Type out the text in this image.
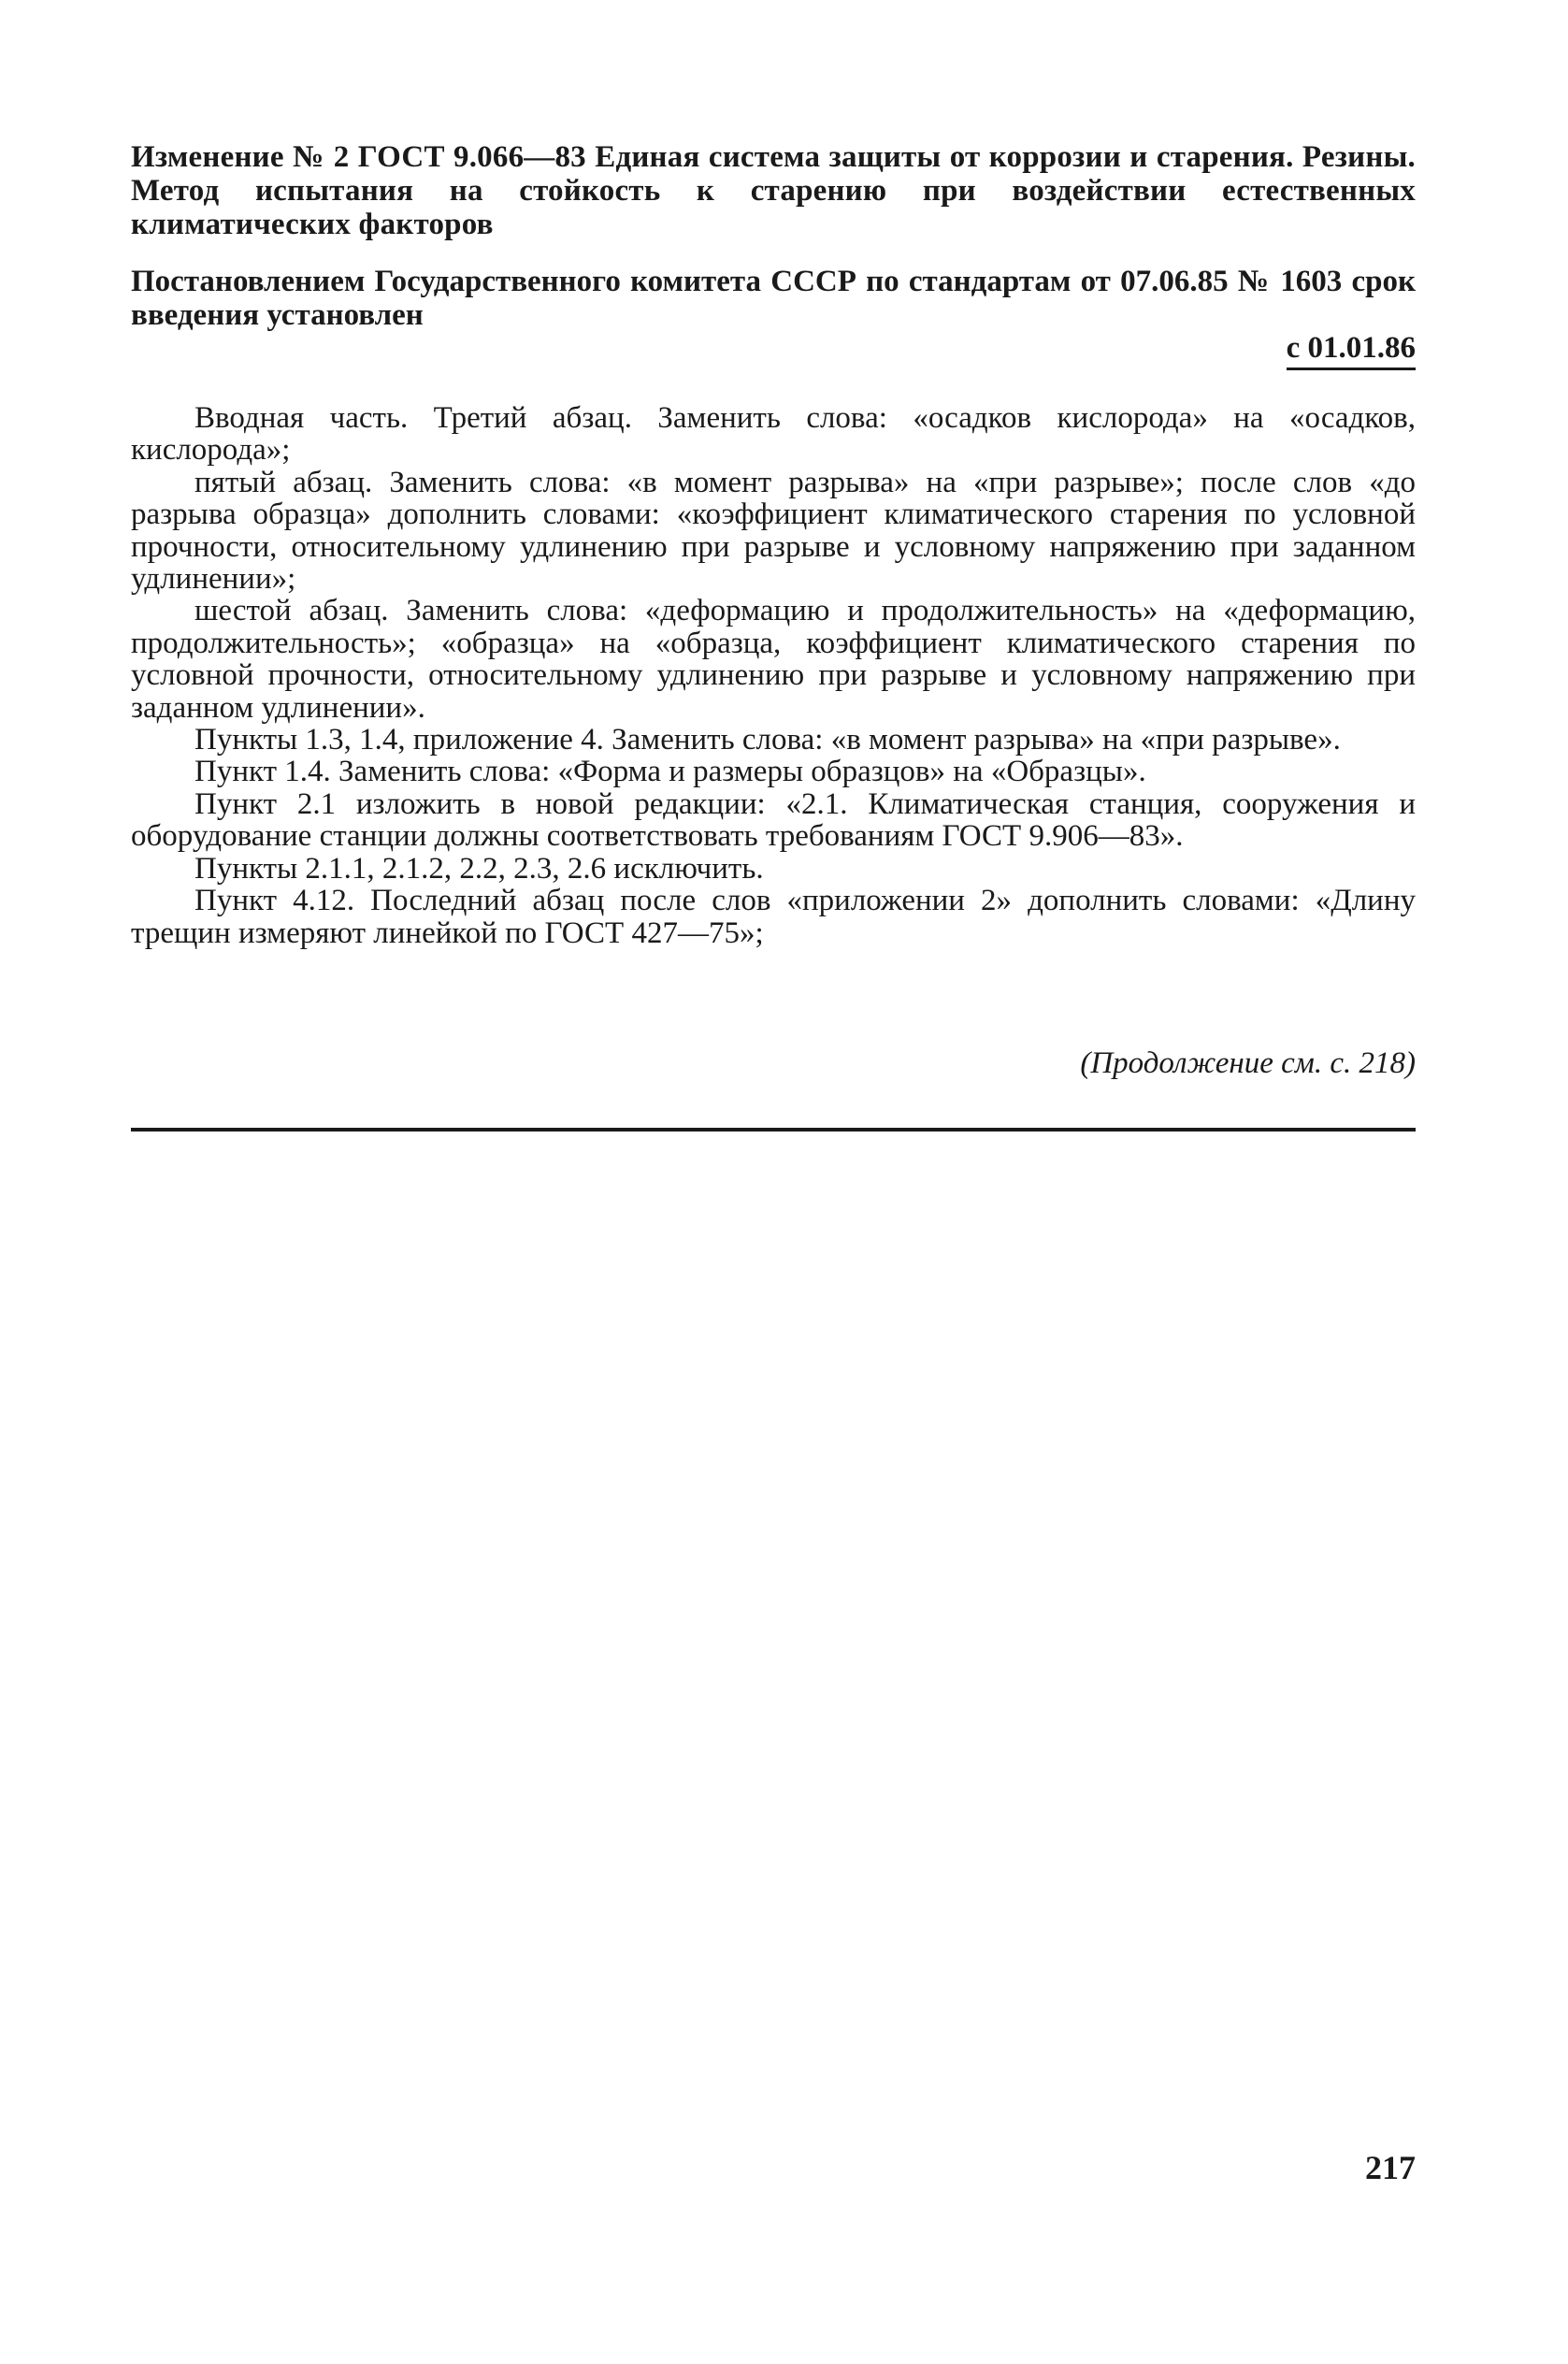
Изменение № 2 ГОСТ 9.066—83 Единая система защиты от коррозии и старения. Резины. Метод испытания на стойкость к старению при воздействии естественных климатических факторов
Постановлением Государственного комитета СССР по стандартам от 07.06.85 № 1603 срок введения установлен
с 01.01.86

Вводная часть. Третий абзац. Заменить слова: «осадков кислорода» на «осадков, кислорода»;

пятый абзац. Заменить слова: «в момент разрыва» на «при разрыве»; после слов «до разрыва образца» дополнить словами: «коэффициент климатического старения по условной прочности, относительному удлинению при разрыве и условному напряжению при заданном удлинении»;

шестой абзац. Заменить слова: «деформацию и продолжительность» на «деформацию, продолжительность»; «образца» на «образца, коэффициент климатического старения по условной прочности, относительному удлинению при разрыве и условному напряжению при заданном удлинении».

Пункты 1.3, 1.4, приложение 4. Заменить слова: «в момент разрыва» на «при разрыве».

Пункт 1.4. Заменить слова: «Форма и размеры образцов» на «Образцы».

Пункт 2.1 изложить в новой редакции: «2.1. Климатическая станция, сооружения и оборудование станции должны соответствовать требованиям ГОСТ 9.906—83».

Пункты 2.1.1, 2.1.2, 2.2, 2.3, 2.6 исключить.

Пункт 4.12. Последний абзац после слов «приложении 2» дополнить словами: «Длину трещин измеряют линейкой по ГОСТ 427—75»;

(Продолжение см. с. 218)
217
